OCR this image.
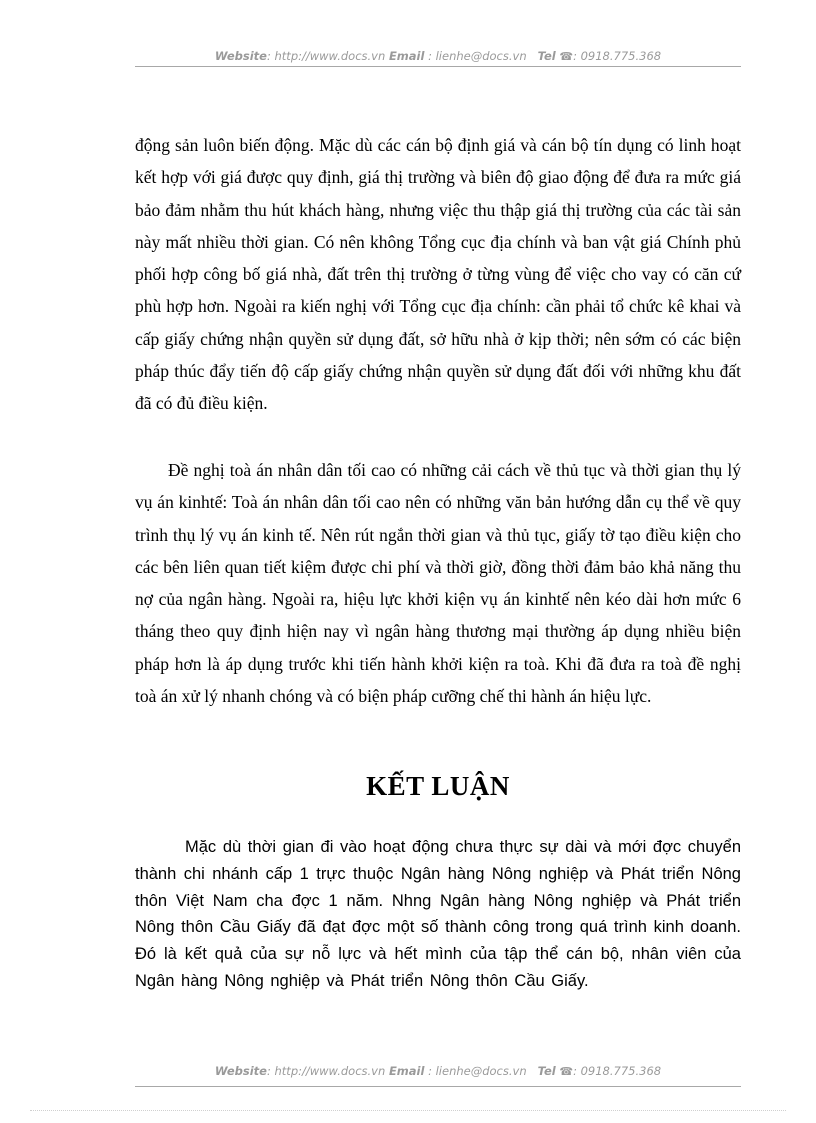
Website: http://www.docs.vn Email : lienhe@docs.vn Tel ☎: 0918.775.368

động sản luôn biến động. Mặc dù các cán bộ định giá và cán bộ tín dụng có linh hoạt kết hợp với giá được quy định, giá thị trường và biên độ giao động để đưa ra mức giá bảo đảm nhằm thu hút khách hàng, nhưng việc thu thập giá thị trường của các tài sản này mất nhiều thời gian. Có nên không Tổng cục địa chính và ban vật giá Chính phủ phối hợp công bố giá nhà, đất trên thị trường ở từng vùng để việc cho vay có căn cứ phù hợp hơn. Ngoài ra kiến nghị với Tổng cục địa chính: cần phải tổ chức kê khai và cấp giấy chứng nhận quyền sử dụng đất, sở hữu nhà ở kịp thời; nên sớm có các biện pháp thúc đẩy tiến độ cấp giấy chứng nhận quyền sử dụng đất đối với những khu đất đã có đủ điều kiện.

Đề nghị toà án nhân dân tối cao có những cải cách về thủ tục và thời gian thụ lý vụ án kinhtế: Toà án nhân dân tối cao nên có những văn bản hướng dẫn cụ thể về quy trình thụ lý vụ án kinh tế. Nên rút ngắn thời gian và thủ tục, giấy tờ tạo điều kiện cho các bên liên quan tiết kiệm được chi phí và thời giờ, đồng thời đảm bảo khả năng thu nợ của ngân hàng. Ngoài ra, hiệu lực khởi kiện vụ án kinhtế nên kéo dài hơn mức 6 tháng theo quy định hiện nay vì ngân hàng thương mại thường áp dụng nhiều biện pháp hơn là áp dụng trước khi tiến hành khởi kiện ra toà. Khi đã đưa ra toà đề nghị toà án xử lý nhanh chóng và có biện pháp cưỡng chế thi hành án hiệu lực.

KẾT LUẬN

Mặc dù thời gian đi vào hoạt động chưa thực sự dài và mới đợc chuyển thành chi nhánh cấp 1 trực thuộc Ngân hàng Nông nghiệp và Phát triển Nông thôn Việt Nam cha đợc 1 năm. Nhng Ngân hàng Nông nghiệp và Phát triển Nông thôn Cầu Giấy đã đạt đợc một số thành công trong quá trình kinh doanh. Đó là kết quả của sự nỗ lực và hết mình của tập thể cán bộ, nhân viên của Ngân hàng Nông nghiệp và Phát triển Nông thôn Cầu Giấy.

Website: http://www.docs.vn Email : lienhe@docs.vn Tel ☎: 0918.775.368
